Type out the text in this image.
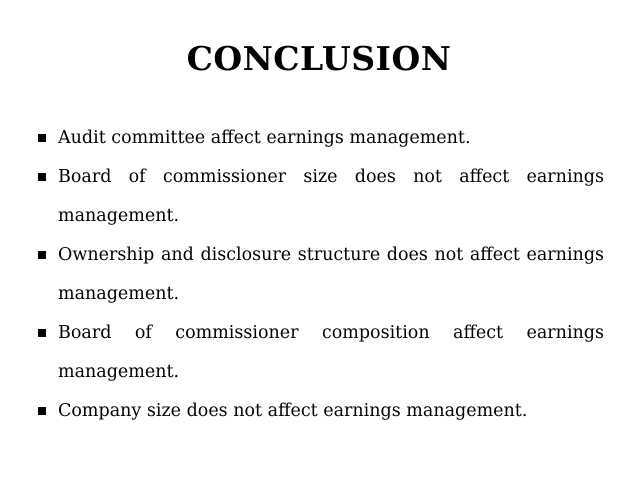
CONCLUSION
Audit committee affect earnings management.
Board of commissioner size does not affect earnings management.
Ownership and disclosure structure does not affect earnings management.
Board of commissioner composition affect earnings management.
Company size does not affect earnings management.
